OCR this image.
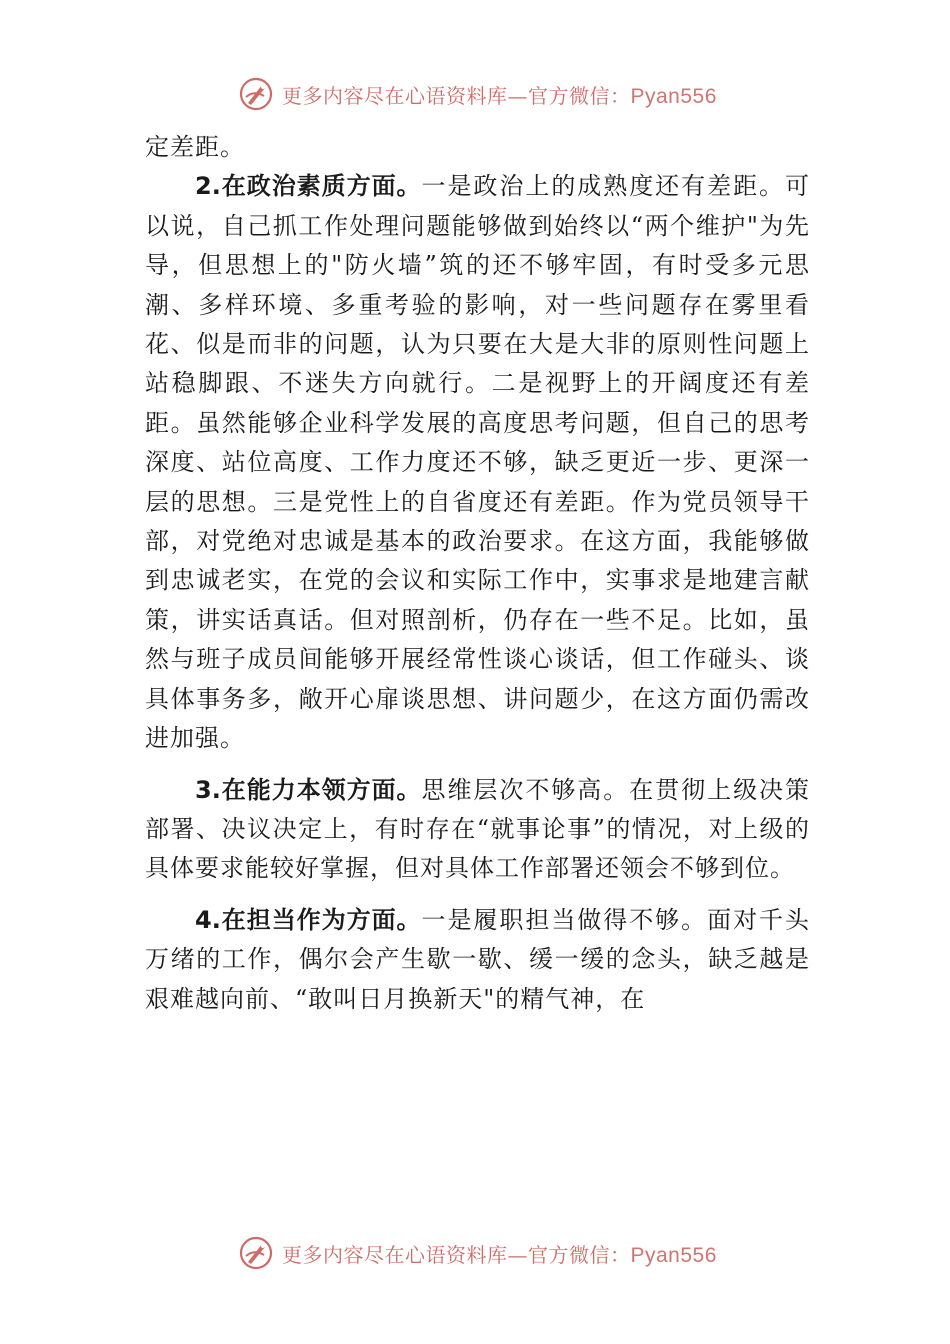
更多内容尽在心语资料库—官方微信：Pyan556

定差距。

2.在政治素质方面。一是政治上的成熟度还有差距。可以说，自己抓工作处理问题能够做到始终以“两个维护"为先导，但思想上的"防火墙”筑的还不够牢固，有时受多元思潮、多样环境、多重考验的影响，对一些问题存在雾里看花、似是而非的问题，认为只要在大是大非的原则性问题上站稳脚跟、不迷失方向就行。二是视野上的开阔度还有差距。虽然能够企业科学发展的高度思考问题，但自己的思考深度、站位高度、工作力度还不够，缺乏更近一步、更深一层的思想。三是党性上的自省度还有差距。作为党员领导干部，对党绝对忠诚是基本的政治要求。在这方面，我能够做到忠诚老实，在党的会议和实际工作中，实事求是地建言献策，讲实话真话。但对照剖析，仍存在一些不足。比如，虽然与班子成员间能够开展经常性谈心谈话，但工作碰头、谈具体事务多，敞开心扉谈思想、讲问题少，在这方面仍需改进加强。

3.在能力本领方面。思维层次不够高。在贯彻上级决策部署、决议决定上，有时存在“就事论事”的情况，对上级的具体要求能较好掌握，但对具体工作部署还领会不够到位。

4.在担当作为方面。一是履职担当做得不够。面对千头万绪的工作，偶尔会产生歇一歇、缓一缓的念头，缺乏越是艰难越向前、“敢叫日月换新天"的精气神，在

更多内容尽在心语资料库—官方微信：Pyan556
